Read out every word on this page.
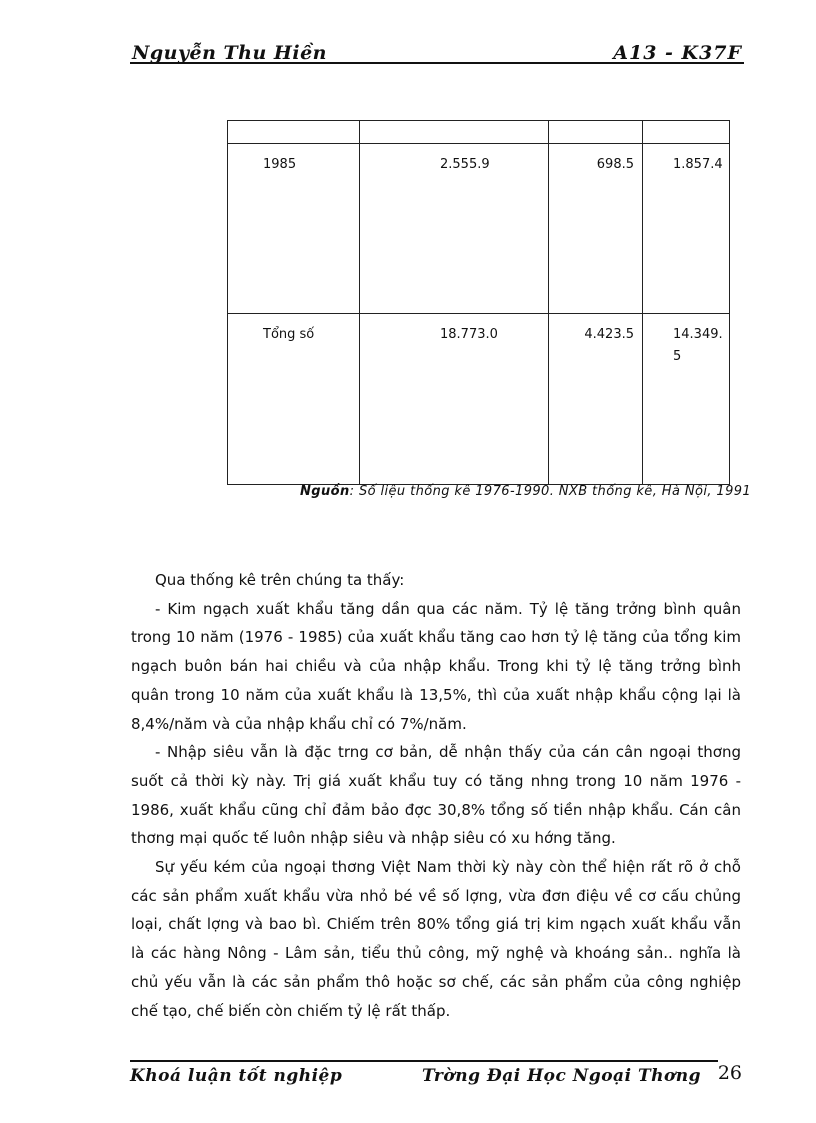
Nguyễn Thu Hiền	A13 - K37F

1985	2.555.9	698.5	1.857.4

Tổng số	18.773.0	4.423.5	14.349.5
Nguồn: Số liệu thống kê 1976-1990. NXB thống kê, Hà Nội, 1991

Qua thống kê trên chúng ta thấy:

- Kim ngạch xuất khẩu tăng dần qua các năm. Tỷ lệ tăng trởng bình quân trong 10 năm (1976 - 1985) của xuất khẩu tăng cao hơn tỷ lệ tăng của tổng kim ngạch buôn bán hai chiều và của nhập khẩu. Trong khi tỷ lệ tăng trởng bình quân trong 10 năm của xuất khẩu là 13,5%, thì của xuất nhập khẩu cộng lại là 8,4%/năm và của nhập khẩu chỉ có 7%/năm.

- Nhập siêu vẫn là đặc trng cơ bản, dễ nhận thấy của cán cân ngoại thơng suốt cả thời kỳ này. Trị giá xuất khẩu tuy có tăng nhng trong 10 năm 1976 - 1986, xuất khẩu cũng chỉ đảm bảo đợc 30,8% tổng số tiền nhập khẩu. Cán cân thơng mại quốc tế luôn nhập siêu và nhập siêu có xu hớng tăng.

Sự yếu kém của ngoại thơng Việt Nam thời kỳ này còn thể hiện rất rõ ở chỗ các sản phẩm xuất khẩu vừa nhỏ bé về số lợng, vừa đơn điệu về cơ cấu chủng loại, chất lợng và bao bì. Chiếm trên 80% tổng giá trị kim ngạch xuất khẩu vẫn là các hàng Nông - Lâm sản, tiểu thủ công, mỹ nghệ và khoáng sản.. nghĩa là chủ yếu vẫn là các sản phẩm thô hoặc sơ chế, các sản phẩm của công nghiệp chế tạo, chế biến còn chiếm tỷ lệ rất thấp.

Khoá luận tốt nghiệp	Trờng Đại Học Ngoại Thơng 26
